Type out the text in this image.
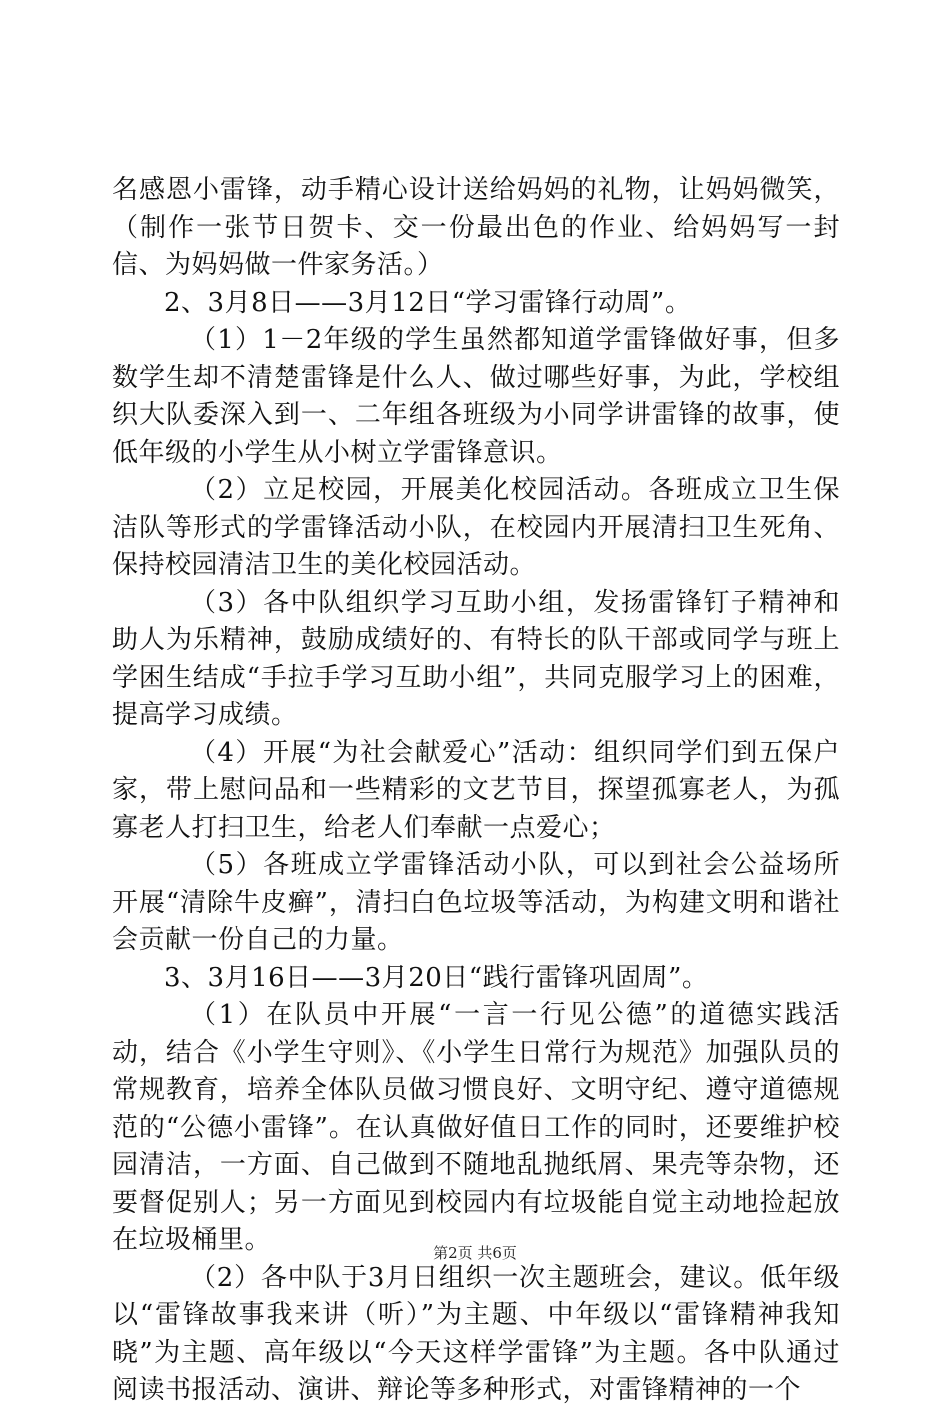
名感恩小雷锋，动手精心设计送给妈妈的礼物，让妈妈微笑，（制作一张节日贺卡、交一份最出色的作业、给妈妈写一封信、为妈妈做一件家务活。）

2、3月8日——3月12日“学习雷锋行动周”。

（1）1－2年级的学生虽然都知道学雷锋做好事，但多数学生却不清楚雷锋是什么人、做过哪些好事，为此，学校组织大队委深入到一、二年组各班级为小同学讲雷锋的故事，使低年级的小学生从小树立学雷锋意识。

（2）立足校园，开展美化校园活动。各班成立卫生保洁队等形式的学雷锋活动小队，在校园内开展清扫卫生死角、保持校园清洁卫生的美化校园活动。

（3）各中队组织学习互助小组，发扬雷锋钉子精神和助人为乐精神，鼓励成绩好的、有特长的队干部或同学与班上学困生结成“手拉手学习互助小组”，共同克服学习上的困难，提高学习成绩。

（4）开展“为社会献爱心”活动：组织同学们到五保户家，带上慰问品和一些精彩的文艺节目，探望孤寡老人，为孤寡老人打扫卫生，给老人们奉献一点爱心；

（5）各班成立学雷锋活动小队，可以到社会公益场所开展“清除牛皮癣”，清扫白色垃圾等活动，为构建文明和谐社会贡献一份自己的力量。

3、3月16日——3月20日“践行雷锋巩固周”。

（1）在队员中开展“一言一行见公德”的道德实践活动，结合《小学生守则》、《小学生日常行为规范》加强队员的常规教育，培养全体队员做习惯良好、文明守纪、遵守道德规范的“公德小雷锋”。在认真做好值日工作的同时，还要维护校园清洁，一方面、自己做到不随地乱抛纸屑、果壳等杂物，还要督促别人；另一方面见到校园内有垃圾能自觉主动地捡起放在垃圾桶里。

（2）各中队于3月日组织一次主题班会，建议。低年级以“雷锋故事我来讲（听）”为主题、中年级以“雷锋精神我知晓”为主题、高年级以“今天这样学雷锋”为主题。各中队通过阅读书报活动、演讲、辩论等多种形式，对雷锋精神的一个

第2页 共6页
